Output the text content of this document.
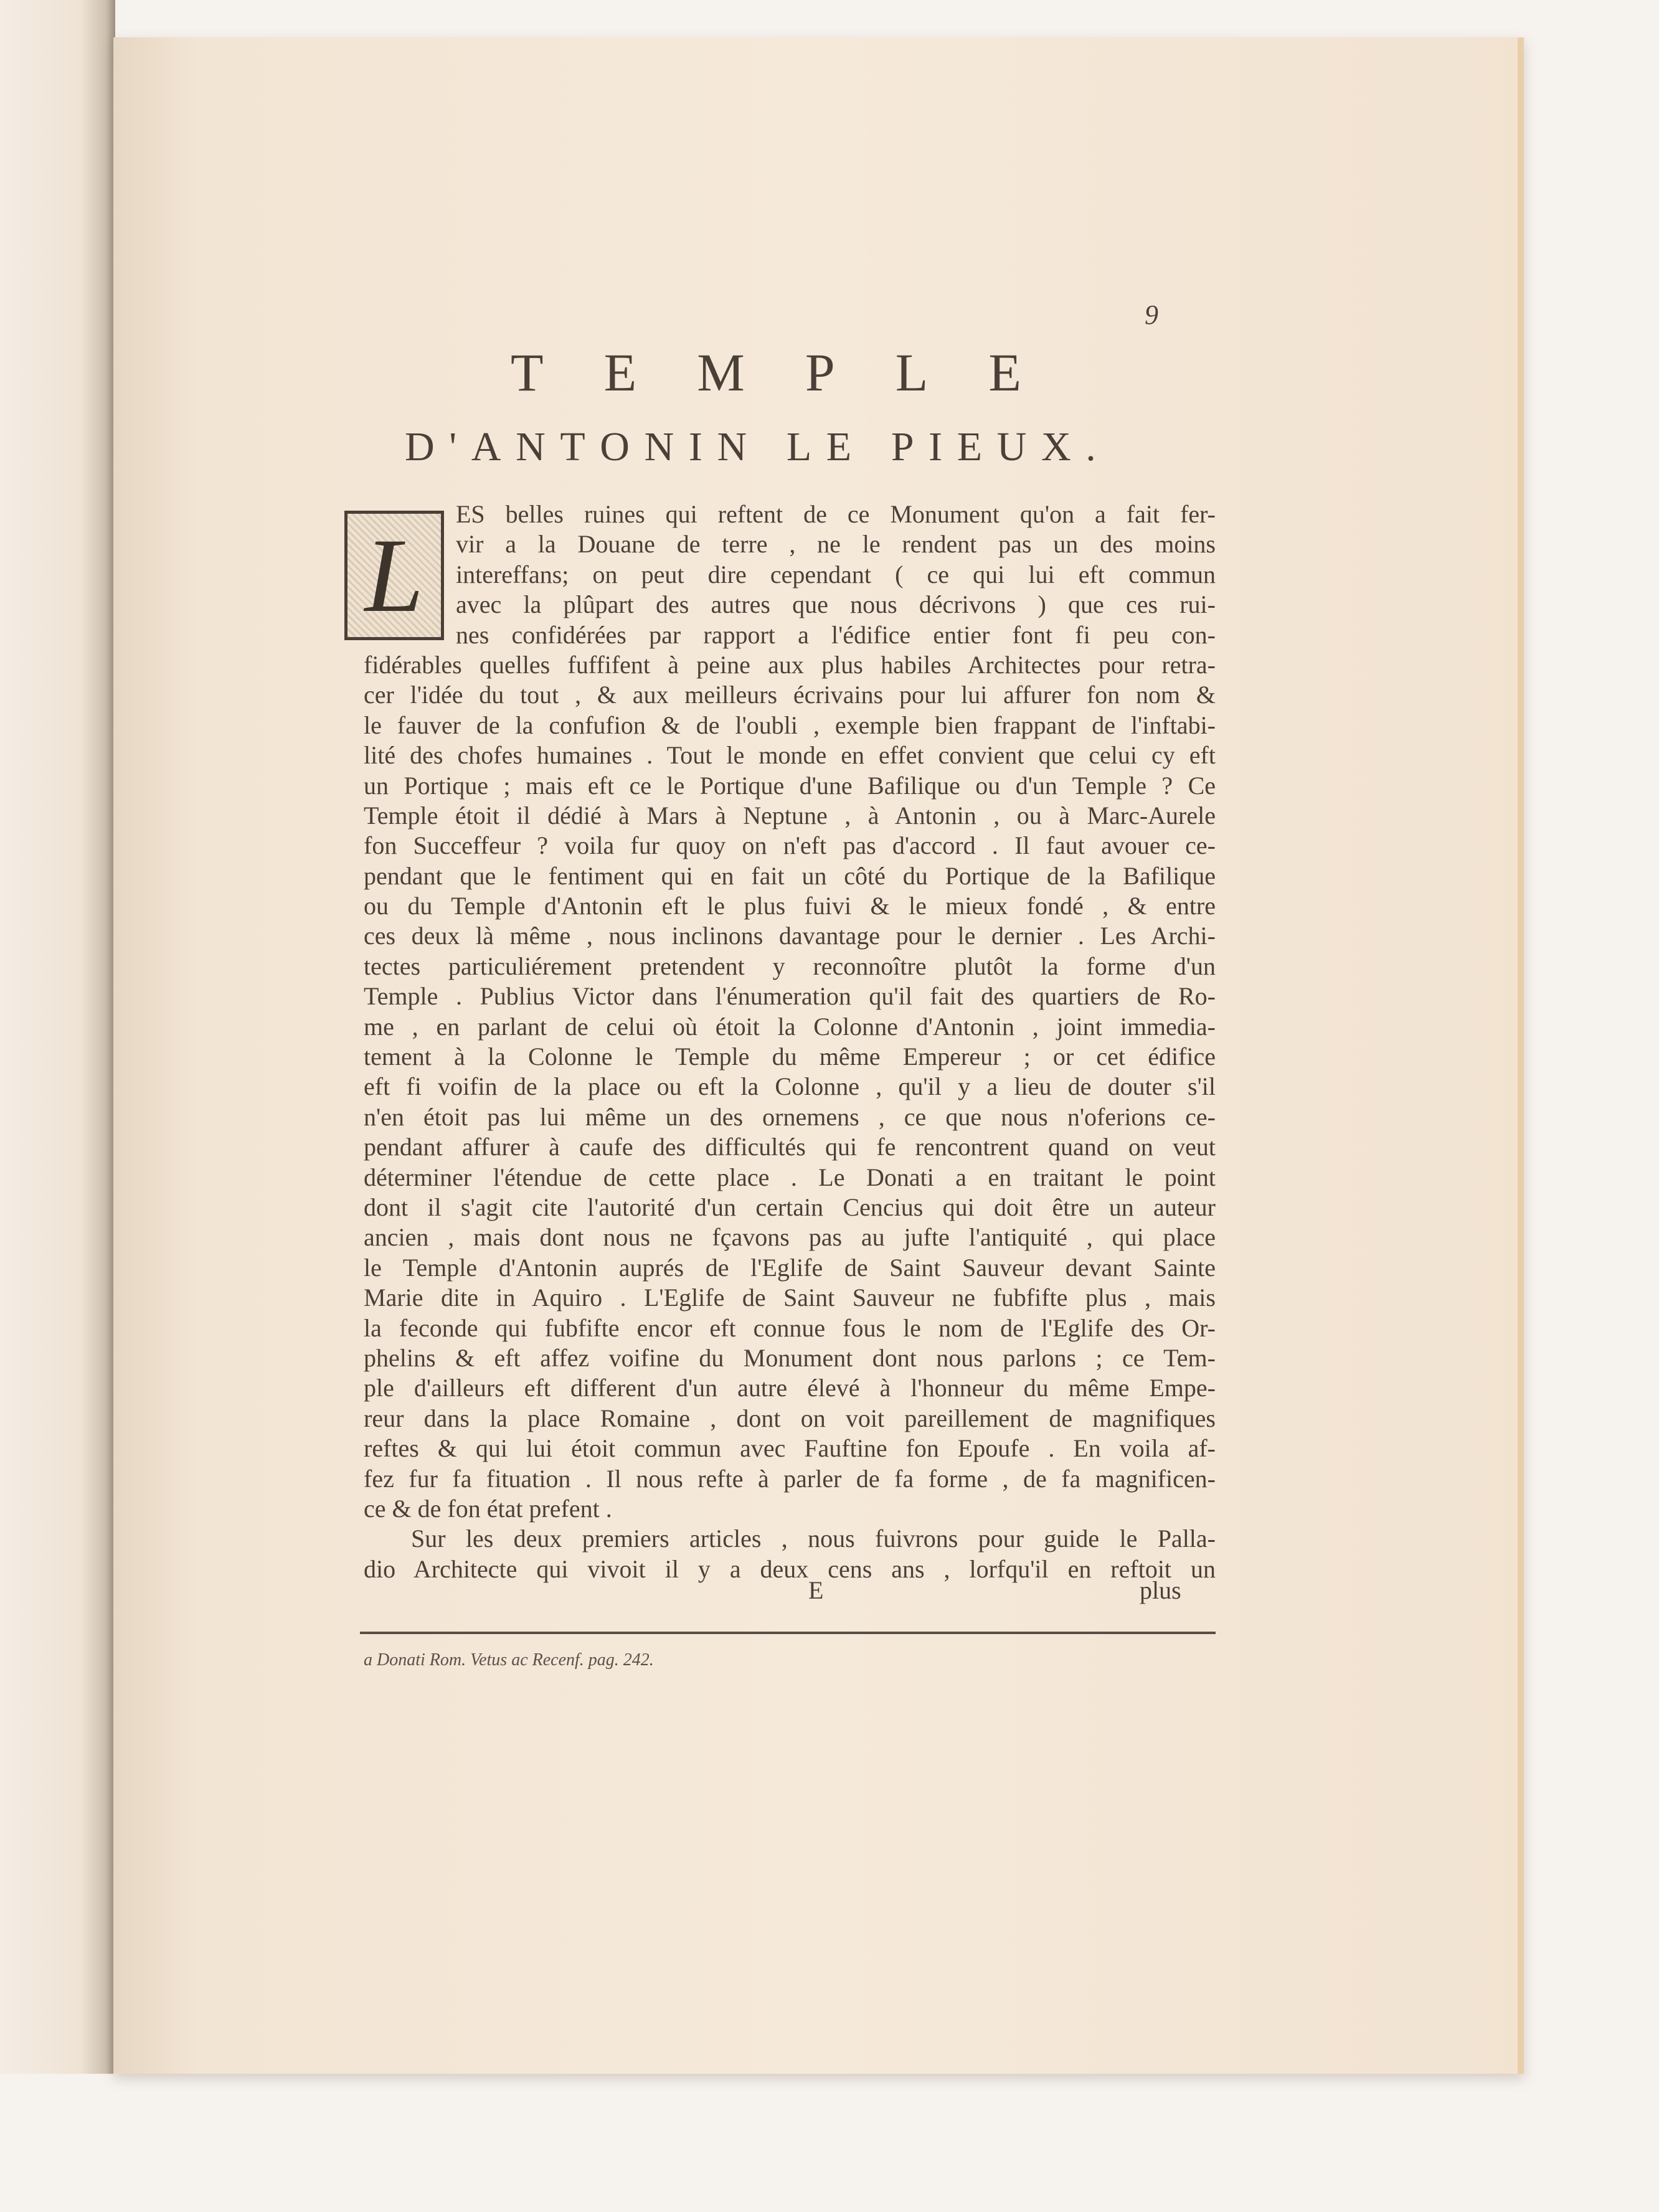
9
T E M P L E
D ' A N T O N I N
L E
P I E U X .
L
ES belles ruines qui reftent de ce Monument qu'on a fait fer-
vir a la Douane de terre , ne le rendent pas un des moins
intereffans; on peut dire cependant ( ce qui lui eft commun
avec la plûpart des autres que nous décrivons ) que ces rui-
nes confidérées par rapport a l'édifice entier font fi peu con-
fidérables quelles fuffifent à peine aux plus habiles Architectes pour retra-
cer l'idée du tout , & aux meilleurs écrivains pour lui affurer fon nom &
le fauver de la confufion & de l'oubli , exemple bien frappant de l'inftabi-
lité des chofes humaines . Tout le monde en effet convient que celui cy eft
un Portique ; mais eft ce le Portique d'une Bafilique ou d'un Temple ? Ce
Temple étoit il dédié à Mars à Neptune , à Antonin , ou à Marc-Aurele
fon Succeffeur ? voila fur quoy on n'eft pas d'accord . Il faut avouer ce-
pendant que le fentiment qui en fait un côté du Portique de la Bafilique
ou du Temple d'Antonin eft le plus fuivi & le mieux fondé , & entre
ces deux là même , nous inclinons davantage pour le dernier . Les Archi-
tectes particuliérement pretendent y reconnoître plutôt la forme d'un
Temple . Publius Victor dans l'énumeration qu'il fait des quartiers de Ro-
me , en parlant de celui où étoit la Colonne d'Antonin , joint immedia-
tement à la Colonne le Temple du même Empereur ; or cet édifice
eft fi voifin de la place ou eft la Colonne , qu'il y a lieu de douter s'il
n'en étoit pas lui même un des ornemens , ce que nous n'oferions ce-
pendant affurer à caufe des difficultés qui fe rencontrent quand on veut
déterminer l'étendue de cette place . Le Donati a en traitant le point
dont il s'agit cite l'autorité d'un certain Cencius qui doit être un auteur
ancien , mais dont nous ne fçavons pas au jufte l'antiquité , qui place
le Temple d'Antonin auprés de l'Eglife de Saint Sauveur devant Sainte
Marie dite in Aquiro . L'Eglife de Saint Sauveur ne fubfifte plus , mais
la feconde qui fubfifte encor eft connue fous le nom de l'Eglife des Or-
phelins & eft affez voifine du Monument dont nous parlons ; ce Tem-
ple d'ailleurs eft different d'un autre élevé à l'honneur du même Empe-
reur dans la place Romaine , dont on voit pareillement de magnifiques
reftes & qui lui étoit commun avec Fauftine fon Epoufe . En voila af-
fez fur fa fituation . Il nous refte à parler de fa forme , de fa magnificen-
ce & de fon état prefent .
Sur les deux premiers articles , nous fuivrons pour guide le Palla-
dio Architecte qui vivoit il y a deux cens ans , lorfqu'il en reftoit un
E	plus
a Donati Rom. Vetus ac Recenf. pag. 242.
